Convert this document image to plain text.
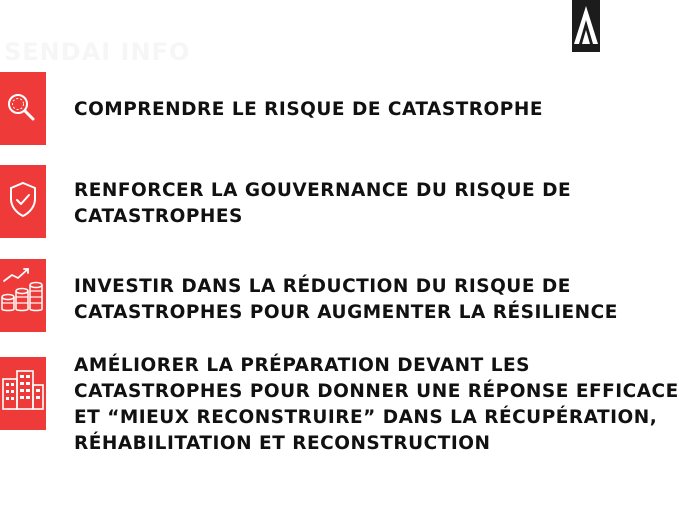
SENDAI INFO

COMPRENDRE LE RISQUE DE CATASTROPHE

RENFORCER LA GOUVERNANCE DU RISQUE DE
CATASTROPHES

INVESTIR DANS LA RÉDUCTION DU RISQUE DE
CATASTROPHES POUR AUGMENTER LA RÉSILIENCE

AMÉLIORER LA PRÉPARATION DEVANT LES
CATASTROPHES POUR DONNER UNE RÉPONSE EFFICACE
ET “MIEUX RECONSTRUIRE” DANS LA RÉCUPÉRATION,
RÉHABILITATION ET RECONSTRUCTION
